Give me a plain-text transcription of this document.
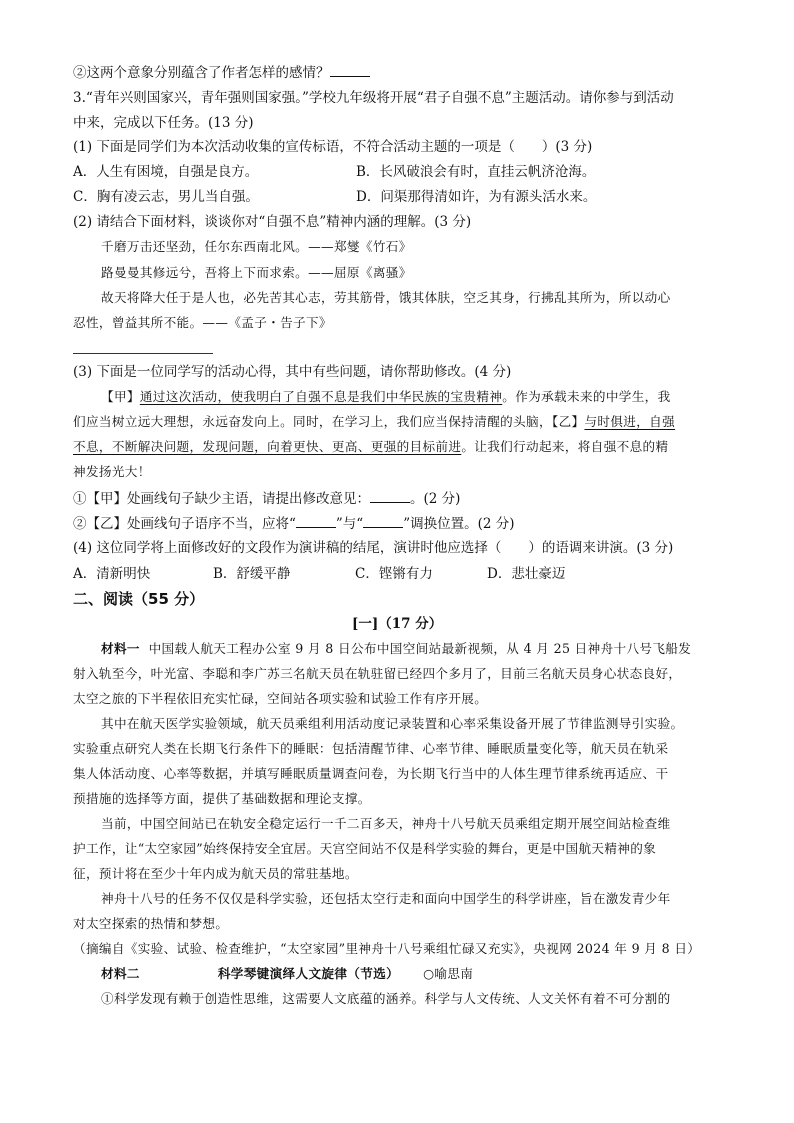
②这两个意象分别蕴含了作者怎样的感情？
3.“青年兴则国家兴，青年强则国家强。”学校九年级将开展“君子自强不息”主题活动。请你参与到活动
中来，完成以下任务。(13 分)
(1) 下面是同学们为本次活动收集的宣传标语，不符合活动主题的一项是（　　）(3 分)
A．人生有困境，自强是良方。	B．长风破浪会有时，直挂云帆济沧海。
C．胸有凌云志，男儿当自强。	D．问渠那得清如许，为有源头活水来。
(2) 请结合下面材料，谈谈你对“自强不息”精神内涵的理解。(3 分)
千磨万击还坚劲，任尔东西南北风。——郑燮《竹石》
路曼曼其修远兮，吾将上下而求索。——屈原《离骚》
故天将降大任于是人也，必先苦其心志，劳其筋骨，饿其体肤，空乏其身，行拂乱其所为，所以动心
忍性，曾益其所不能。——《孟子・告子下》
(3) 下面是一位同学写的活动心得，其中有些问题，请你帮助修改。(4 分)
【甲】通过这次活动，使我明白了自强不息是我们中华民族的宝贵精神。作为承载未来的中学生，我
们应当树立远大理想，永远奋发向上。同时，在学习上，我们应当保持清醒的头脑，【乙】与时俱进，自强
不息，不断解决问题，发现问题，向着更快、更高、更强的目标前进。让我们行动起来，将自强不息的精
神发扬光大！
①【甲】处画线句子缺少主语，请提出修改意见：	。(2 分)
②【乙】处画线句子语序不当，应将“	”与“	”调换位置。(2 分)
(4) 这位同学将上面修改好的文段作为演讲稿的结尾，演讲时他应选择（　　）的语调来讲演。(3 分)
A．清新明快	B．舒缓平静	C．铿锵有力	D．悲壮豪迈
二、阅读（55 分）
[一]（17 分）
材料一 中国载人航天工程办公室 9 月 8 日公布中国空间站最新视频，从 4 月 25 日神舟十八号飞船发
射入轨至今，叶光富、李聪和李广苏三名航天员在轨驻留已经四个多月了，目前三名航天员身心状态良好，
太空之旅的下半程依旧充实忙碌，空间站各项实验和试验工作有序开展。
其中在航天医学实验领域，航天员乘组利用活动度记录装置和心率采集设备开展了节律监测导引实验。
实验重点研究人类在长期飞行条件下的睡眠：包括清醒节律、心率节律、睡眠质量变化等，航天员在轨采
集人体活动度、心率等数据，并填写睡眠质量调查问卷，为长期飞行当中的人体生理节律系统再适应、干
预措施的选择等方面，提供了基础数据和理论支撑。
当前，中国空间站已在轨安全稳定运行一千二百多天，神舟十八号航天员乘组定期开展空间站检查维
护工作，让“太空家园”始终保持安全宜居。天宫空间站不仅是科学实验的舞台，更是中国航天精神的象
征，预计将在至少十年内成为航天员的常驻基地。
神舟十八号的任务不仅仅是科学实验，还包括太空行走和面向中国学生的科学讲座，旨在激发青少年
对太空探索的热情和梦想。
（摘编自《实验、试验、检查维护，“太空家园”里神舟十八号乘组忙碌又充实》，央视网 2024 年 9 月 8 日）
材料二	科学琴键演绎人文旋律（节选） ○喻思南
①科学发现有赖于创造性思维，这需要人文底蕴的涵养。科学与人文传统、人文关怀有着不可分割的
